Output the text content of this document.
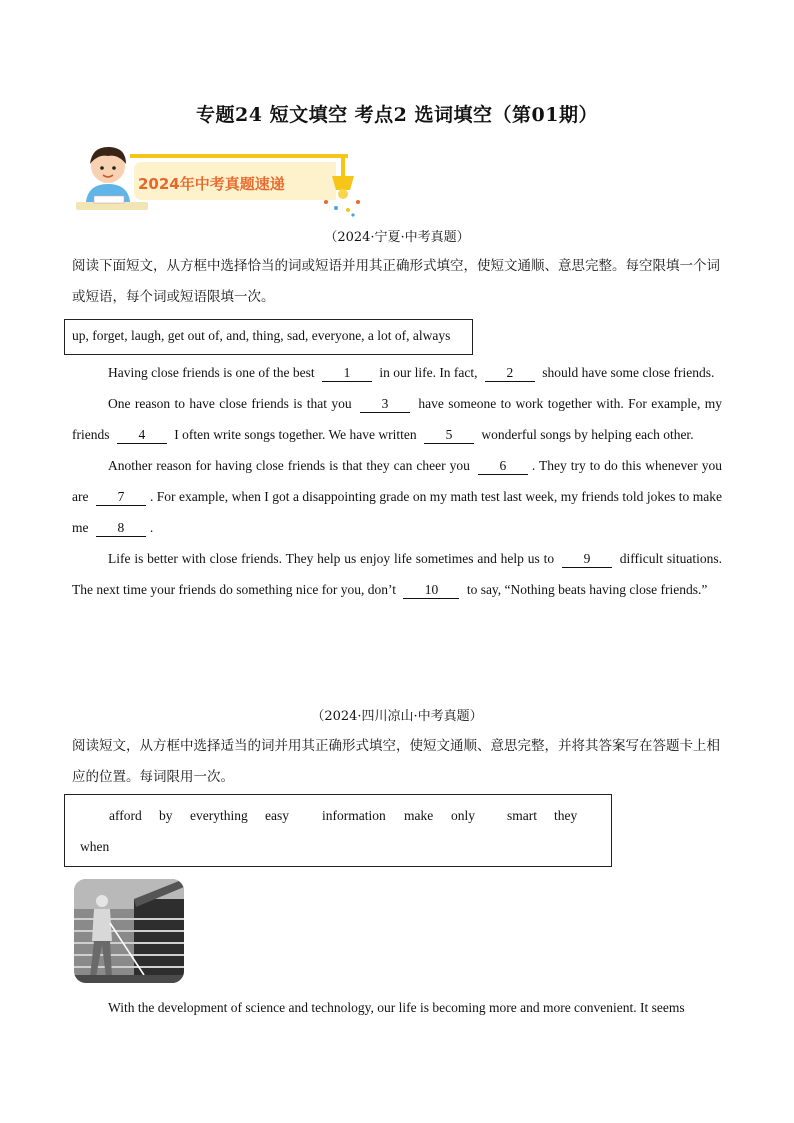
专题24 短文填空 考点2 选词填空（第01期）
2024年中考真题速递
（2024·宁夏·中考真题）
阅读下面短文，从方框中选择恰当的词或短语并用其正确形式填空，使短文通顺、意思完整。每空限填一个词或短语，每个词或短语限填一次。
up, forget, laugh, get out of, and, thing, sad, everyone, a lot of, always

Having close friends is one of the best 1 in our life. In fact, 2 should have some close friends.

One reason to have close friends is that you 3 have someone to work together with. For example, my friends 4 I often write songs together. We have written 5 wonderful songs by helping each other.

Another reason for having close friends is that they can cheer you 6 . They try to do this whenever you are 7 . For example, when I got a disappointing grade on my math test last week, my friends told jokes to make me 8 .

Life is better with close friends. They help us enjoy life sometimes and help us to 9 difficult situations. The next time your friends do something nice for you, don’t 10 to say, “Nothing beats having close friends.”

（2024·四川凉山·中考真题）
阅读短文，从方框中选择适当的词并用其正确形式填空，使短文通顺、意思完整，并将其答案写在答题卡上相应的位置。每词限用一次。
afford by everything easy information make only smart they
when

With the development of science and technology, our life is becoming more and more convenient. It seems
